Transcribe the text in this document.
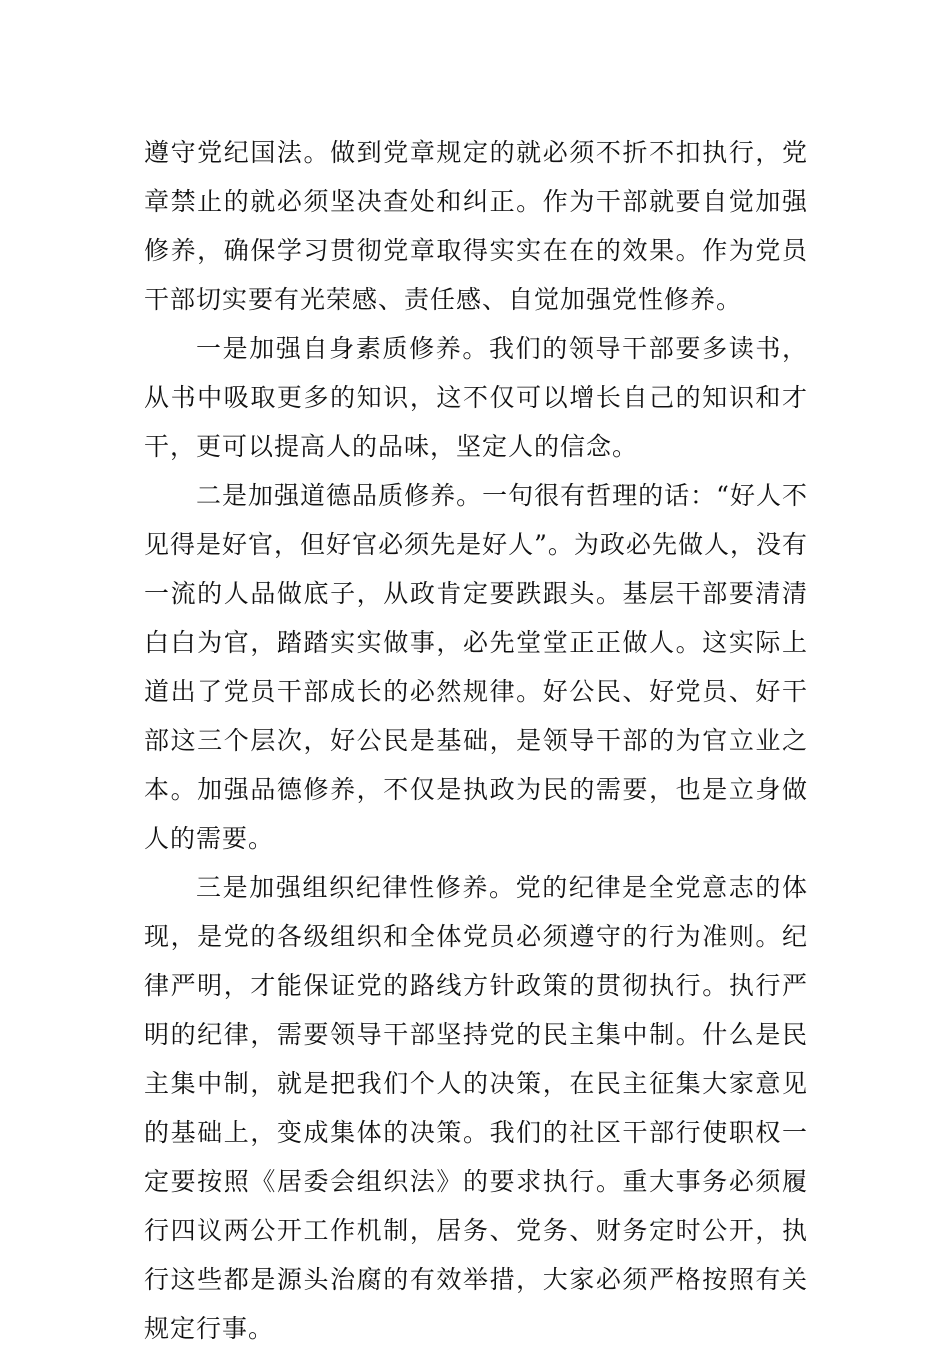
遵守党纪国法。做到党章规定的就必须不折不扣执行，党章禁止的就必须坚决查处和纠正。作为干部就要自觉加强修养，确保学习贯彻党章取得实实在在的效果。作为党员干部切实要有光荣感、责任感、自觉加强党性修养。

一是加强自身素质修养。我们的领导干部要多读书，从书中吸取更多的知识，这不仅可以增长自己的知识和才干，更可以提高人的品味，坚定人的信念。

二是加强道德品质修养。一句很有哲理的话：“好人不见得是好官，但好官必须先是好人”。为政必先做人，没有一流的人品做底子，从政肯定要跌跟头。基层干部要清清白白为官，踏踏实实做事，必先堂堂正正做人。这实际上道出了党员干部成长的必然规律。好公民、好党员、好干部这三个层次，好公民是基础，是领导干部的为官立业之本。加强品德修养，不仅是执政为民的需要，也是立身做人的需要。

三是加强组织纪律性修养。党的纪律是全党意志的体现，是党的各级组织和全体党员必须遵守的行为准则。纪律严明，才能保证党的路线方针政策的贯彻执行。执行严明的纪律，需要领导干部坚持党的民主集中制。什么是民主集中制，就是把我们个人的决策，在民主征集大家意见的基础上，变成集体的决策。我们的社区干部行使职权一定要按照《居委会组织法》的要求执行。重大事务必须履行四议两公开工作机制，居务、党务、财务定时公开，执行这些都是源头治腐的有效举措，大家必须严格按照有关规定行事。
